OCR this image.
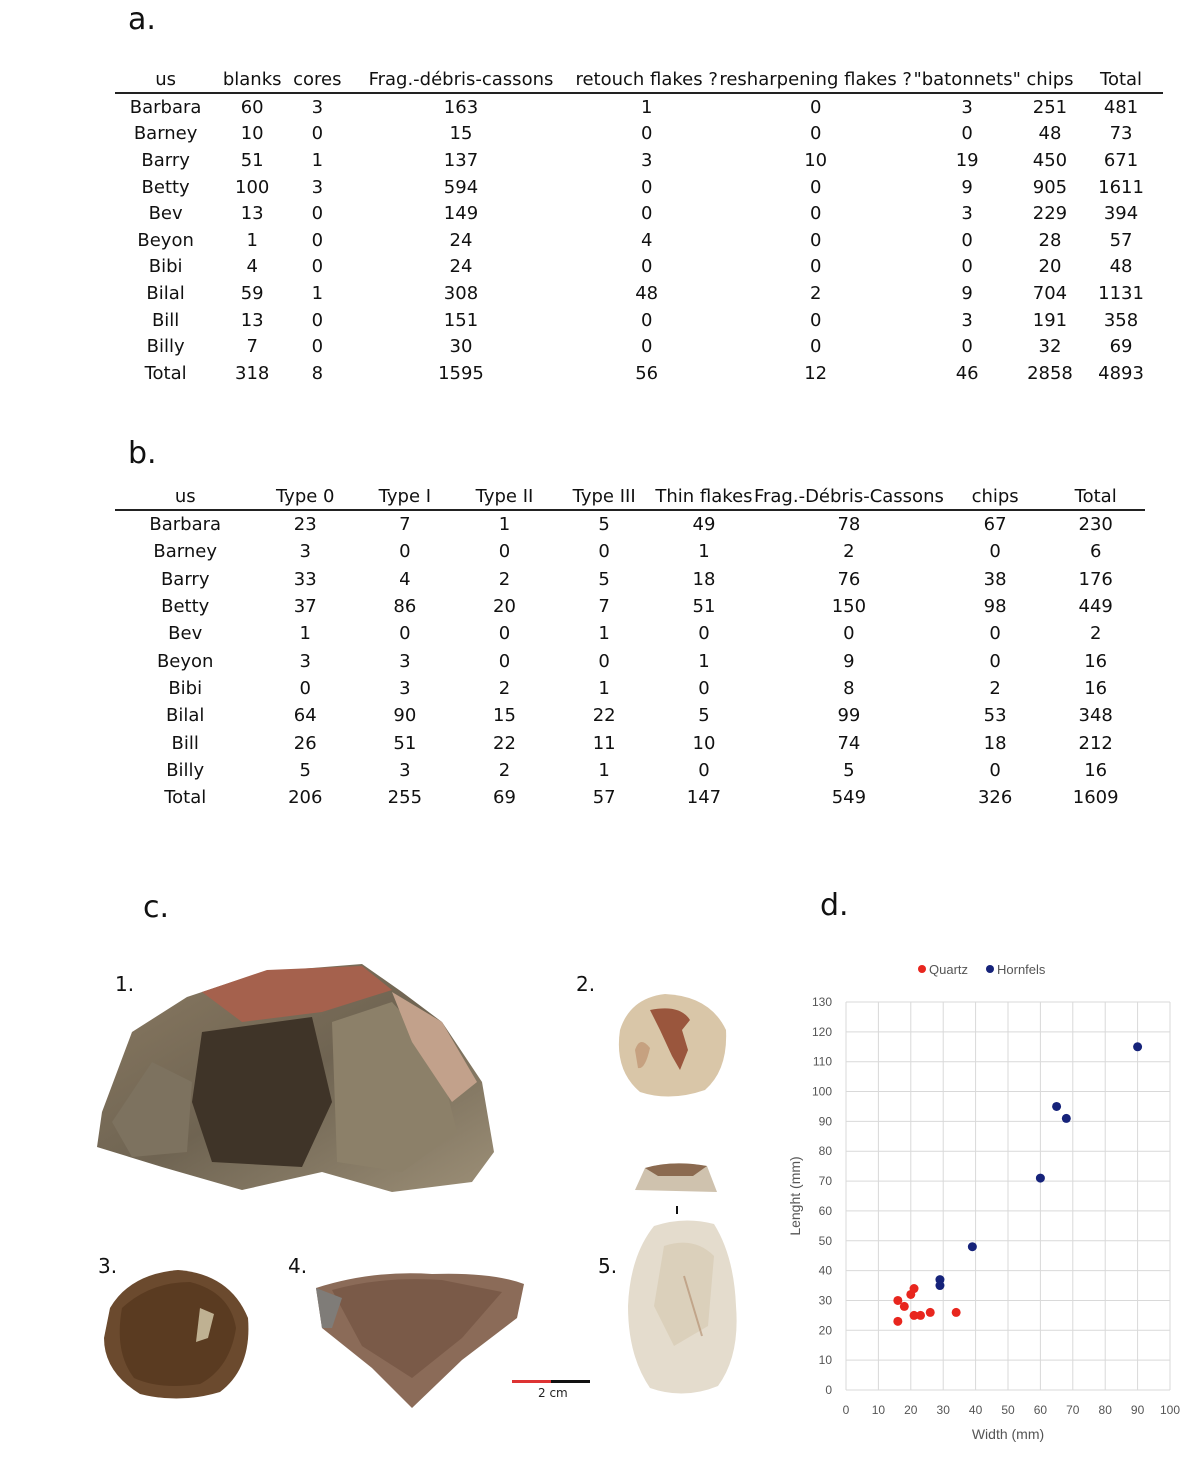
a.
us	blanks	cores	Frag.-débris-cassons	retouch flakes ?	resharpening flakes ?	"batonnets"	chips	Total
Barbara	60	3	163	1	0	3	251	481
Barney	10	0	15	0	0	0	48	73
Barry	51	1	137	3	10	19	450	671
Betty	100	3	594	0	0	9	905	1611
Bev	13	0	149	0	0	3	229	394
Beyon	1	0	24	4	0	0	28	57
Bibi	4	0	24	0	0	0	20	48
Bilal	59	1	308	48	2	9	704	1131
Bill	13	0	151	0	0	3	191	358
Billy	7	0	30	0	0	0	32	69
Total	318	8	1595	56	12	46	2858	4893
b.
us	Type 0	Type I	Type II	Type III	Thin flakes	Frag.-Débris-Cassons	chips	Total
Barbara	23	7	1	5	49	78	67	230
Barney	3	0	0	0	1	2	0	6
Barry	33	4	2	5	18	76	38	176
Betty	37	86	20	7	51	150	98	449
Bev	1	0	0	1	0	0	0	2
Beyon	3	3	0	0	1	9	0	16
Bibi	0	3	2	1	0	8	2	16
Bilal	64	90	15	22	5	99	53	348
Bill	26	51	22	11	10	74	18	212
Billy	5	3	2	1	0	5	0	16
Total	206	255	69	57	147	549	326	1609
c.
1.	2.
3.	4.	5.
2 cm
d.
0 10 20 30 40 50 60 70 80 90 100
0
10
20
30
40
50
60
70
80
90
100
110
120
130
Width (mm)
Lenght (mm)
Quartz Hornfels
